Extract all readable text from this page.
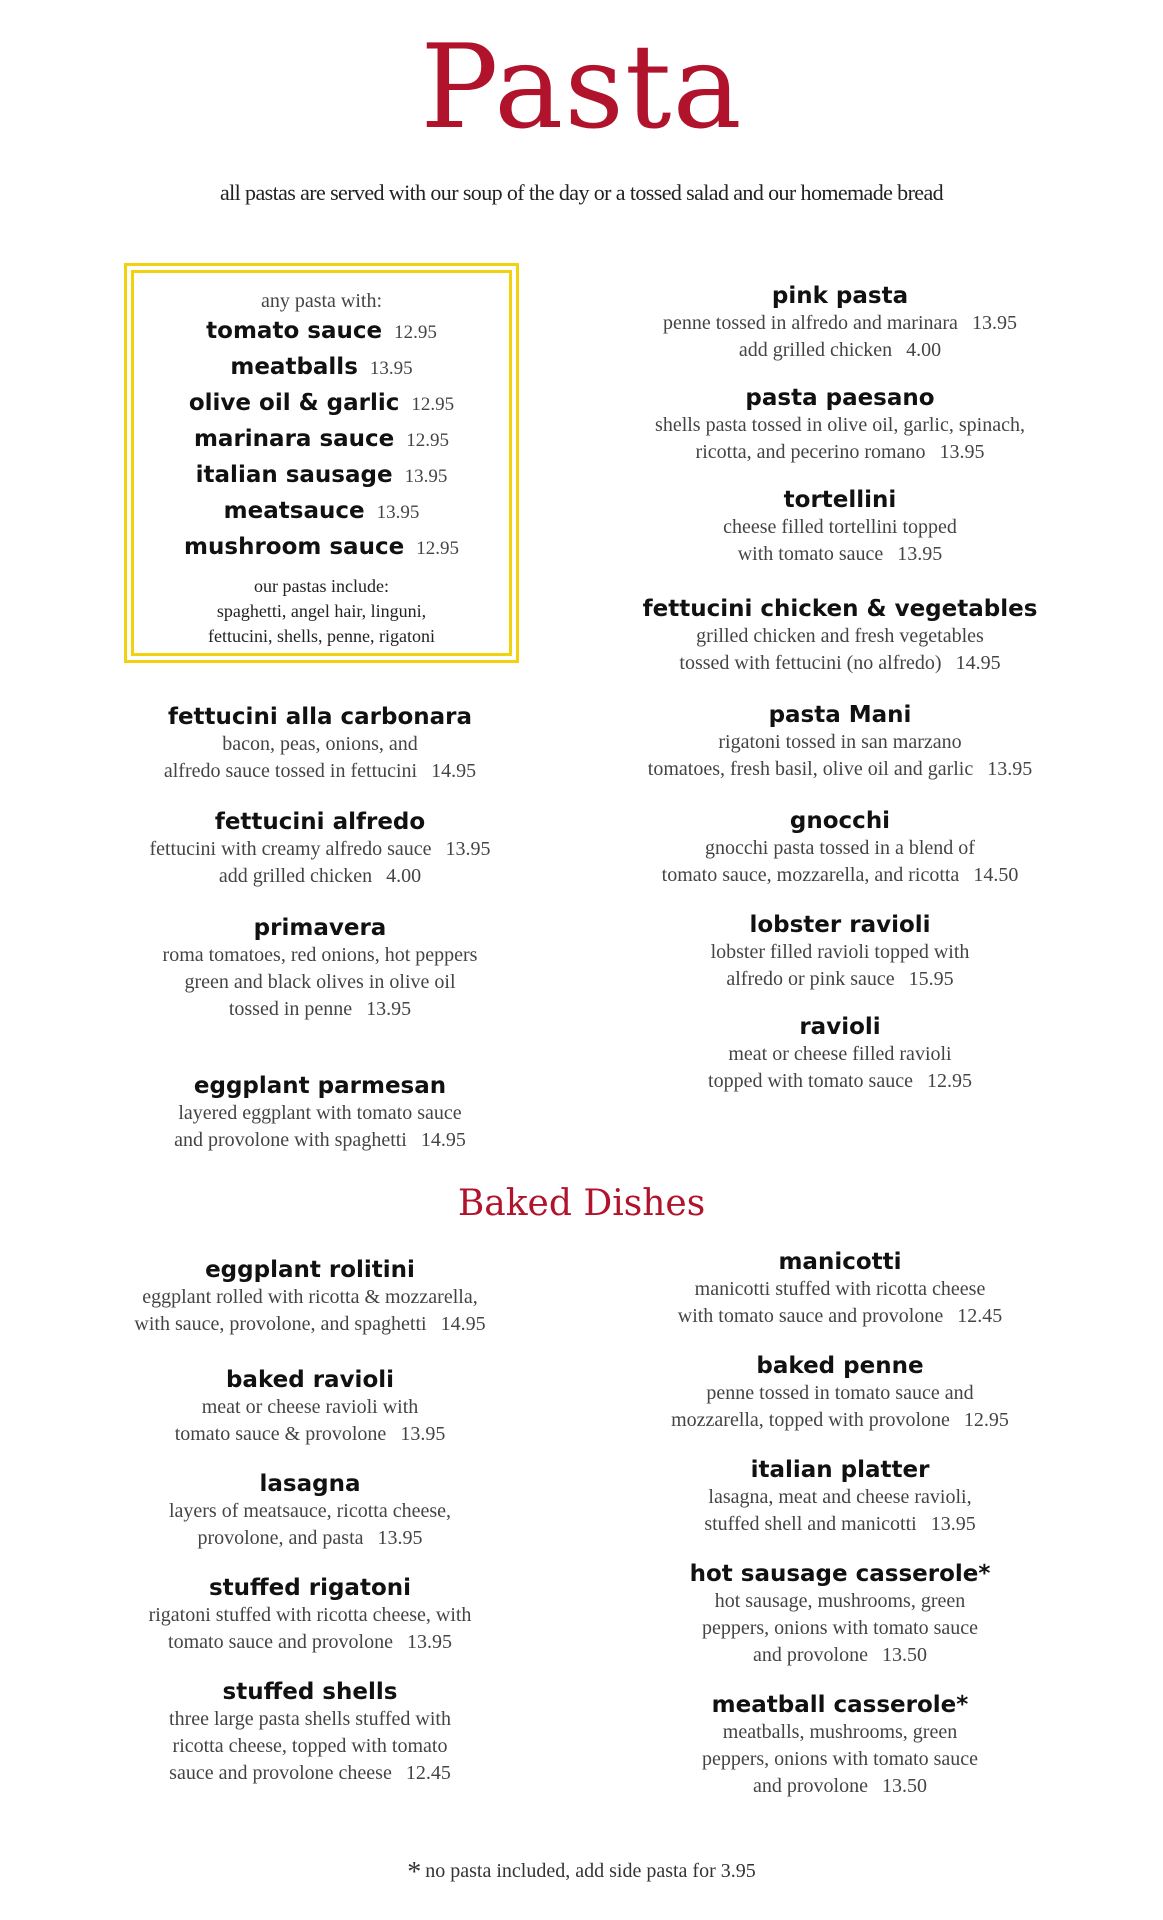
Pasta
all pastas are served with our soup of the day or a tossed salad and our homemade bread
any pasta with:
tomato sauce 12.95
meatballs 13.95
olive oil & garlic 12.95
marinara sauce 12.95
italian sausage 13.95
meatsauce 13.95
mushroom sauce 12.95
our pastas include:
spaghetti, angel hair, linguni,
fettucini, shells, penne, rigatoni
fettucini alla carbonara
bacon, peas, onions, and
alfredo sauce tossed in fettucini 14.95
fettucini alfredo
fettucini with creamy alfredo sauce 13.95
add grilled chicken 4.00
primavera
roma tomatoes, red onions, hot peppers
green and black olives in olive oil
tossed in penne 13.95
eggplant parmesan
layered eggplant with tomato sauce
and provolone with spaghetti 14.95
pink pasta
penne tossed in alfredo and marinara 13.95
add grilled chicken 4.00
pasta paesano
shells pasta tossed in olive oil, garlic, spinach,
ricotta, and pecerino romano 13.95
tortellini
cheese filled tortellini topped
with tomato sauce 13.95
fettucini chicken & vegetables
grilled chicken and fresh vegetables
tossed with fettucini (no alfredo) 14.95
pasta Mani
rigatoni tossed in san marzano
tomatoes, fresh basil, olive oil and garlic 13.95
gnocchi
gnocchi pasta tossed in a blend of
tomato sauce, mozzarella, and ricotta 14.50
lobster ravioli
lobster filled ravioli topped with
alfredo or pink sauce 15.95
ravioli
meat or cheese filled ravioli
topped with tomato sauce 12.95
Baked Dishes
eggplant rolitini
eggplant rolled with ricotta & mozzarella,
with sauce, provolone, and spaghetti 14.95
baked ravioli
meat or cheese ravioli with
tomato sauce & provolone 13.95
lasagna
layers of meatsauce, ricotta cheese,
provolone, and pasta 13.95
stuffed rigatoni
rigatoni stuffed with ricotta cheese, with
tomato sauce and provolone 13.95
stuffed shells
three large pasta shells stuffed with
ricotta cheese, topped with tomato
sauce and provolone cheese 12.45
manicotti
manicotti stuffed with ricotta cheese
with tomato sauce and provolone 12.45
baked penne
penne tossed in tomato sauce and
mozzarella, topped with provolone 12.95
italian platter
lasagna, meat and cheese ravioli,
stuffed shell and manicotti 13.95
hot sausage casserole*
hot sausage, mushrooms, green
peppers, onions with tomato sauce
and provolone 13.50
meatball casserole*
meatballs, mushrooms, green
peppers, onions with tomato sauce
and provolone 13.50
* no pasta included, add side pasta for 3.95
